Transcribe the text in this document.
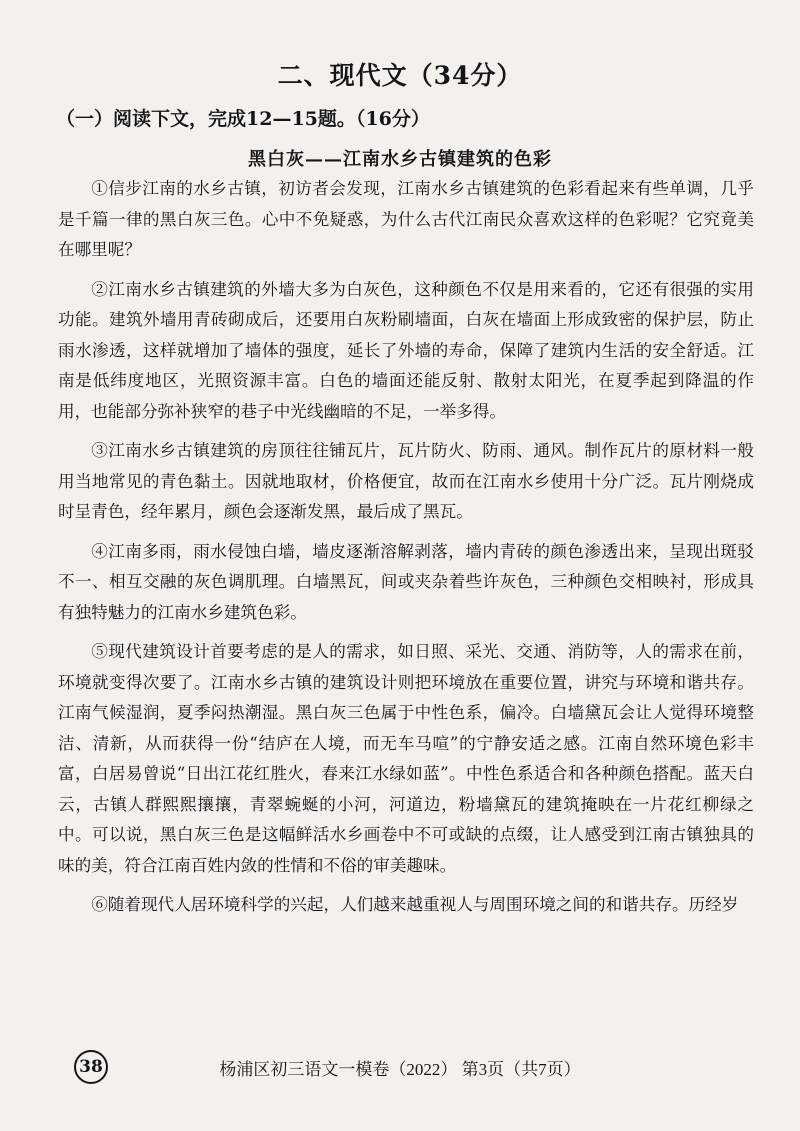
二、现代文（34分）
（一）阅读下文，完成12—15题。（16分）
黑白灰——江南水乡古镇建筑的色彩

①信步江南的水乡古镇，初访者会发现，江南水乡古镇建筑的色彩看起来有些单调，几乎是千篇一律的黑白灰三色。心中不免疑惑，为什么古代江南民众喜欢这样的色彩呢？它究竟美在哪里呢？

②江南水乡古镇建筑的外墙大多为白灰色，这种颜色不仅是用来看的，它还有很强的实用功能。建筑外墙用青砖砌成后，还要用白灰粉刷墙面，白灰在墙面上形成致密的保护层，防止雨水渗透，这样就增加了墙体的强度，延长了外墙的寿命，保障了建筑内生活的安全舒适。江南是低纬度地区，光照资源丰富。白色的墙面还能反射、散射太阳光，在夏季起到降温的作用，也能部分弥补狭窄的巷子中光线幽暗的不足，一举多得。

③江南水乡古镇建筑的房顶往往铺瓦片，瓦片防火、防雨、通风。制作瓦片的原材料一般用当地常见的青色黏土。因就地取材，价格便宜，故而在江南水乡使用十分广泛。瓦片刚烧成时呈青色，经年累月，颜色会逐渐发黑，最后成了黑瓦。

④江南多雨，雨水侵蚀白墙，墙皮逐渐溶解剥落，墙内青砖的颜色渗透出来，呈现出斑驳不一、相互交融的灰色调肌理。白墙黑瓦，间或夹杂着些许灰色，三种颜色交相映衬，形成具有独特魅力的江南水乡建筑色彩。

⑤现代建筑设计首要考虑的是人的需求，如日照、采光、交通、消防等，人的需求在前，环境就变得次要了。江南水乡古镇的建筑设计则把环境放在重要位置，讲究与环境和谐共存。江南气候湿润，夏季闷热潮湿。黑白灰三色属于中性色系，偏冷。白墙黛瓦会让人觉得环境整洁、清新，从而获得一份“结庐在人境，而无车马喧”的宁静安适之感。江南自然环境色彩丰富，白居易曾说“日出江花红胜火，春来江水绿如蓝”。中性色系适合和各种颜色搭配。蓝天白云，古镇人群熙熙攘攘，青翠蜿蜒的小河，河道边，粉墙黛瓦的建筑掩映在一片花红柳绿之中。可以说，黑白灰三色是这幅鲜活水乡画卷中不可或缺的点缀，让人感受到江南古镇独具的味的美，符合江南百姓内敛的性情和不俗的审美趣味。

⑥随着现代人居环境科学的兴起，人们越来越重视人与周围环境之间的和谐共存。历经岁

38	杨浦区初三语文一模卷（2022） 第3页（共7页）
